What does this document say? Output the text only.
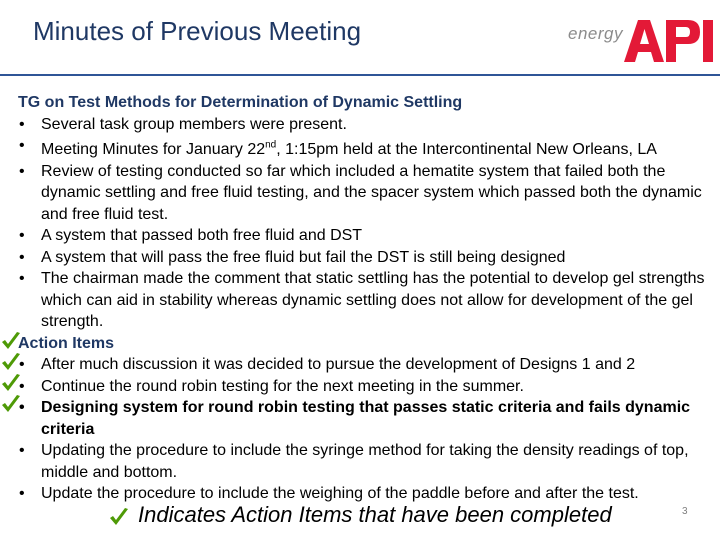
Minutes of Previous Meeting	energy
TG on Test Methods for Determination of Dynamic Settling
• Several task group members were present.
• Meeting Minutes for January 22nd, 1:15pm held at the Intercontinental New Orleans, LA
• Review of testing conducted so far which included a hematite system that failed both the dynamic settling and free fluid testing, and the spacer system which passed both the dynamic and free fluid test.
• A system that passed both free fluid and DST
• A system that will pass the free fluid but fail the DST is still being designed
• The chairman made the comment that static settling has the potential to develop gel strengths which can aid in stability whereas dynamic settling does not allow for development of the gel strength.
Action Items
• After much discussion it was decided to pursue the development of Designs 1 and 2
• Continue the round robin testing for the next meeting in the summer.
• Designing system for round robin testing that passes static criteria and fails dynamic criteria
• Updating the procedure to include the syringe method for taking the density readings of top, middle and bottom.
• Update the procedure to include the weighing of the paddle before and after the test.
Indicates Action Items that have been completed	3
